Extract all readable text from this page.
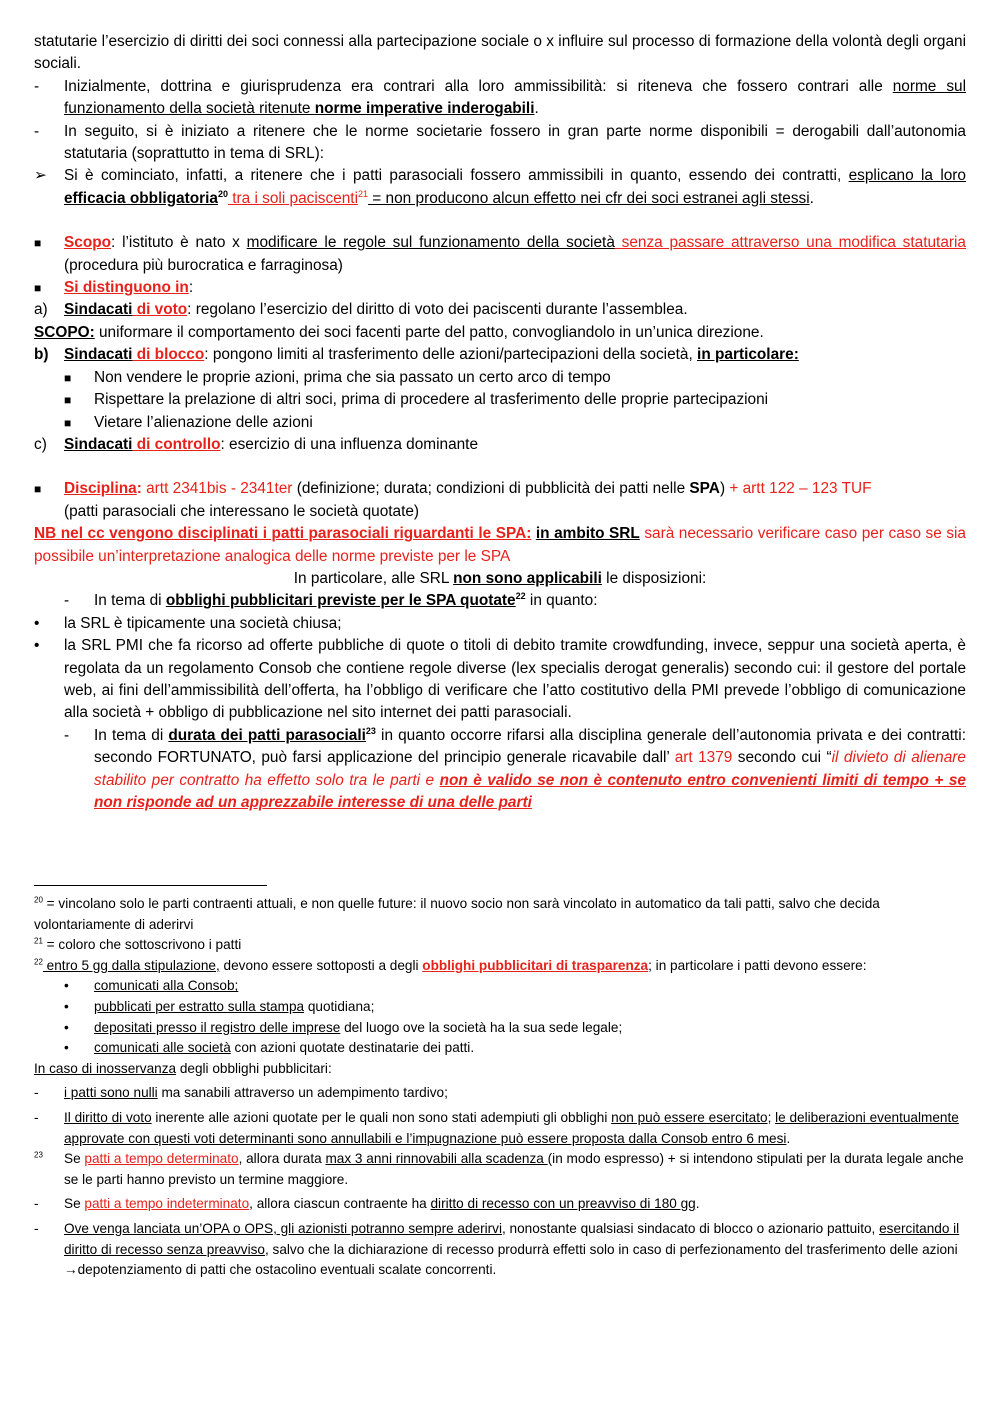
statutarie l’esercizio di diritti dei soci connessi alla partecipazione sociale o x influire sul processo di formazione della volontà degli organi sociali.

-	Inizialmente, dottrina e giurisprudenza era contrari alla loro ammissibilità: si riteneva che fossero contrari alle norme sul funzionamento della società ritenute norme imperative inderogabili.
-	In seguito, si è iniziato a ritenere che le norme societarie fossero in gran parte norme disponibili = derogabili dall’autonomia statutaria (soprattutto in tema di SRL):
➢	Si è cominciato, infatti, a ritenere che i patti parasociali fossero ammissibili in quanto, essendo dei contratti, esplicano la loro efficacia obbligatoria$^{20}$ tra i soli paciscenti$^{21}$ = non producono alcun effetto nei cfr dei soci estranei agli stessi.
■	Scopo: l’istituto è nato x modificare le regole sul funzionamento della società senza passare attraverso una modifica statutaria (procedura più burocratica e farraginosa)
■	Si distinguono in:
a)	Sindacati di voto: regolano l’esercizio del diritto di voto dei paciscenti durante l’assemblea.

SCOPO: uniformare il comportamento dei soci facenti parte del patto, convogliandolo in un’unica direzione.

b)	Sindacati di blocco: pongono limiti al trasferimento delle azioni/partecipazioni della società, in particolare:
■	Non vendere le proprie azioni, prima che sia passato un certo arco di tempo
■	Rispettare la prelazione di altri soci, prima di procedere al trasferimento delle proprie partecipazioni
■	Vietare l’alienazione delle azioni
c)	Sindacati di controllo: esercizio di una influenza dominante
■	Disciplina: artt 2341bis - 2341ter (definizione; durata; condizioni di pubblicità dei patti nelle SPA) + artt 122 – 123 TUF
(patti parasociali che interessano le società quotate)

NB nel cc vengono disciplinati i patti parasociali riguardanti le SPA: in ambito SRL sarà necessario verificare caso per caso se sia possibile un’interpretazione analogica delle norme previste per le SPA

In particolare, alle SRL non sono applicabili le disposizioni:

-	In tema di obblighi pubblicitari previste per le SPA quotate$^{22}$ in quanto:
•	la SRL è tipicamente una società chiusa;
•	la SRL PMI che fa ricorso ad offerte pubbliche di quote o titoli di debito tramite crowdfunding, invece, seppur una società aperta, è regolata da un regolamento Consob che contiene regole diverse (lex specialis derogat generalis) secondo cui: il gestore del portale web, ai fini dell’ammissibilità dell’offerta, ha l’obbligo di verificare che l’atto costitutivo della PMI prevede l’obbligo di comunicazione alla società + obbligo di pubblicazione nel sito internet dei patti parasociali.
-	In tema di durata dei patti parasociali$^{23}$ in quanto occorre rifarsi alla disciplina generale dell’autonomia privata e dei contratti: secondo FORTUNATO, può farsi applicazione del principio generale ricavabile dall’ art 1379 secondo cui “il divieto di alienare stabilito per contratto ha effetto solo tra le parti e non è valido se non è contenuto entro convenienti limiti di tempo + se non risponde ad un apprezzabile interesse di una delle parti

$^{20}$ = vincolano solo le parti contraenti attuali, e non quelle future: il nuovo socio non sarà vincolato in automatico da tali patti, salvo che decida volontariamente di aderirvi

$^{21}$ = coloro che sottoscrivono i patti

$^{22}$ entro 5 gg dalla stipulazione, devono essere sottoposti a degli obblighi pubblicitari di trasparenza; in particolare i patti devono essere:

•	comunicati alla Consob;
•	pubblicati per estratto sulla stampa quotidiana;
•	depositati presso il registro delle imprese del luogo ove la società ha la sua sede legale;
•	comunicati alle società con azioni quotate destinatarie dei patti.

In caso di inosservanza degli obblighi pubblicitari:

-	i patti sono nulli ma sanabili attraverso un adempimento tardivo;
-	Il diritto di voto inerente alle azioni quotate per le quali non sono stati adempiuti gli obblighi non può essere esercitato; le deliberazioni eventualmente approvate con questi voti determinanti sono annullabili e l’impugnazione può essere proposta dalla Consob entro 6 mesi.
$^{23}$	Se patti a tempo determinato, allora durata max 3 anni rinnovabili alla scadenza (in modo espresso) + si intendono stipulati per la durata legale anche se le parti hanno previsto un termine maggiore.
-	Se patti a tempo indeterminato, allora ciascun contraente ha diritto di recesso con un preavviso di 180 gg.
-	Ove venga lanciata un’OPA o OPS, gli azionisti potranno sempre aderirvi, nonostante qualsiasi sindacato di blocco o azionario pattuito, esercitando il diritto di recesso senza preavviso, salvo che la dichiarazione di recesso produrrà effetti solo in caso di perfezionamento del trasferimento delle azioni →depotenziamento di patti che ostacolino eventuali scalate concorrenti.
